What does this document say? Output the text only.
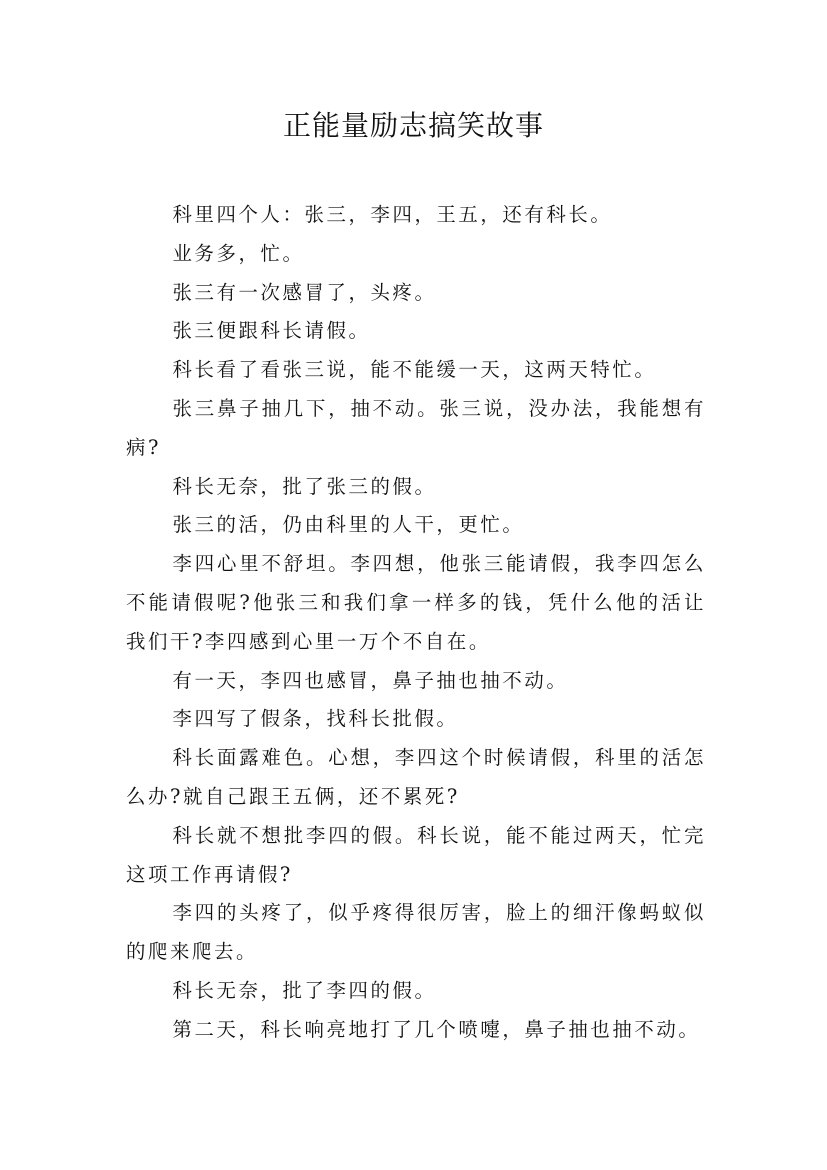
正能量励志搞笑故事

科里四个人：张三，李四，王五，还有科长。

业务多，忙。

张三有一次感冒了，头疼。

张三便跟科长请假。

科长看了看张三说，能不能缓一天，这两天特忙。

张三鼻子抽几下，抽不动。张三说，没办法，我能想有病?

科长无奈，批了张三的假。

张三的活，仍由科里的人干，更忙。

李四心里不舒坦。李四想，他张三能请假，我李四怎么不能请假呢?他张三和我们拿一样多的钱，凭什么他的活让我们干?李四感到心里一万个不自在。

有一天，李四也感冒，鼻子抽也抽不动。

李四写了假条，找科长批假。

科长面露难色。心想，李四这个时候请假，科里的活怎么办?就自己跟王五俩，还不累死?

科长就不想批李四的假。科长说，能不能过两天，忙完这项工作再请假?

李四的头疼了，似乎疼得很厉害，脸上的细汗像蚂蚁似的爬来爬去。

科长无奈，批了李四的假。

第二天，科长响亮地打了几个喷嚏，鼻子抽也抽不动。
